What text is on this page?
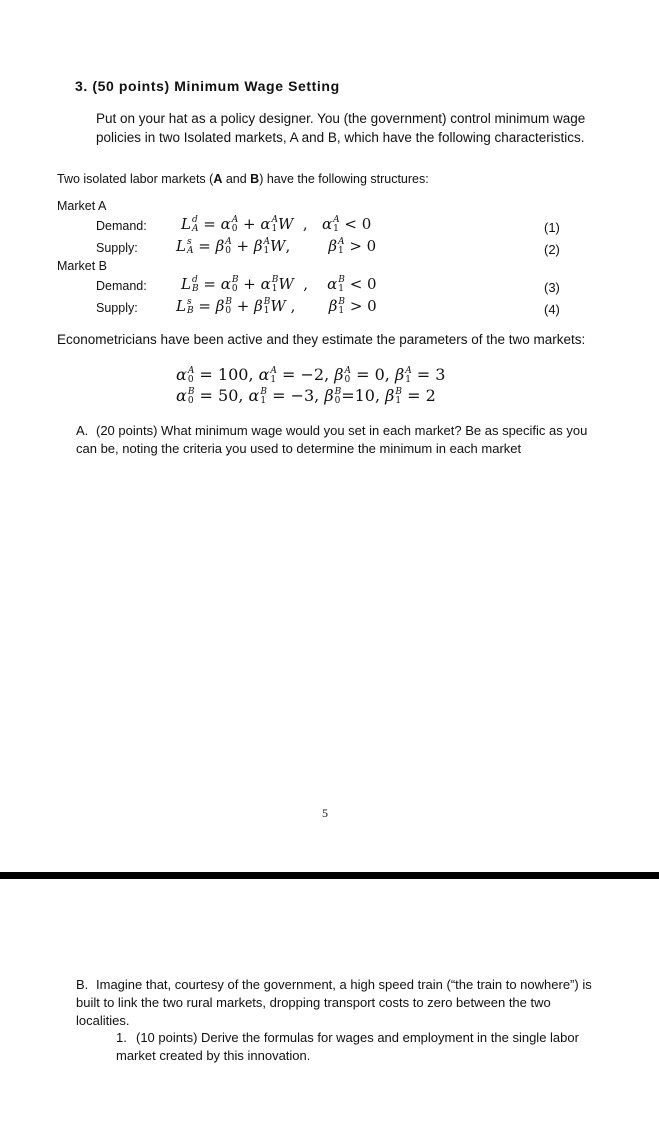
3. (50 points) Minimum Wage Setting
Put on your hat as a policy designer. You (the government) control minimum wage policies in two Isolated markets, A and B, which have the following characteristics.
Two isolated labor markets (A and B) have the following structures:
Market A
Demand: L d
A = α A
0 + α A
1 W  ,   α A
1 < 0	(1)
Supply:	L s
A = β A
0 + β A
1 W,        β A
1 > 0	(2)
Market B
Demand: L d
B = α B
0 + α B
1 W  ,    α B
1 < 0	(3)
Supply:	L s
B = β B
0 + β B
1 W ,       β B
1 > 0	(4)
Econometricians have been active and they estimate the parameters of the two markets:
α A
0 = 100, α A
1 = −2, β A
0 = 0, β A
1 = 3
α B
0 = 50, α B
1 = −3, β B
0 =10, β B
1 = 2
A. (20 points) What minimum wage would you set in each market? Be as specific as you can be, noting the criteria you used to determine the minimum in each market
5
B. Imagine that, courtesy of the government, a high speed train (“the train to nowhere”) is built to link the two rural markets, dropping transport costs to zero between the two localities.
1. (10 points) Derive the formulas for wages and employment in the single labor market created by this innovation.
